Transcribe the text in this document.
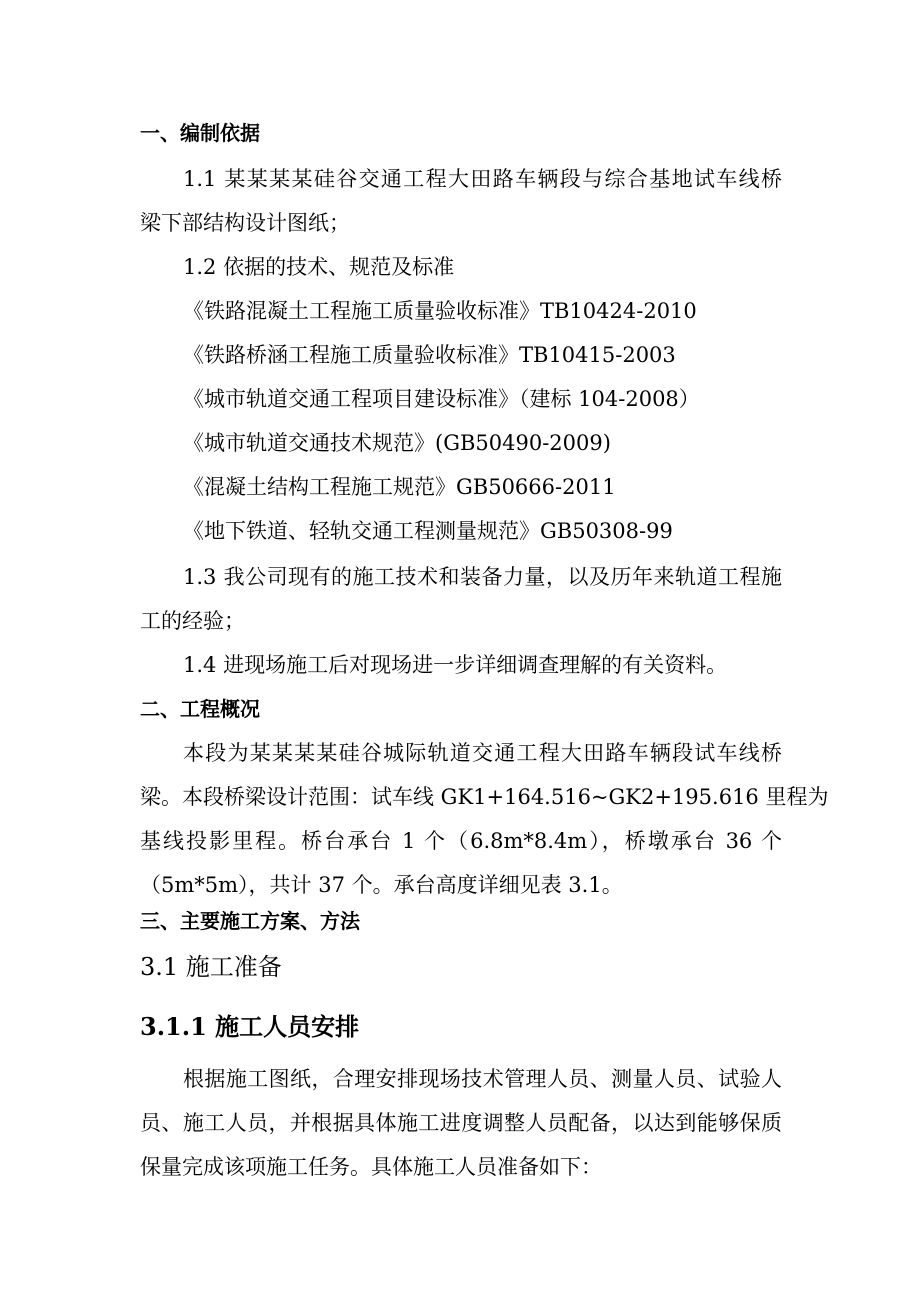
一、编制依据
1.1 某某某某硅谷交通工程大田路车辆段与综合基地试车线桥
梁下部结构设计图纸；
1.2 依据的技术、规范及标准
《铁路混凝土工程施工质量验收标准》TB10424-2010
《铁路桥涵工程施工质量验收标准》TB10415-2003
《城市轨道交通工程项目建设标准》（建标 104-2008）
《城市轨道交通技术规范》(GB50490-2009)
《混凝土结构工程施工规范》GB50666-2011
《地下铁道、轻轨交通工程测量规范》GB50308-99
1.3 我公司现有的施工技术和装备力量，以及历年来轨道工程施
工的经验；
1.4 进现场施工后对现场进一步详细调查理解的有关资料。
二、工程概况
本段为某某某某硅谷城际轨道交通工程大田路车辆段试车线桥
梁。本段桥梁设计范围：试车线 GK1+164.516~GK2+195.616 里程为
基线投影里程。桥台承台 1 个（6.8m*8.4m），桥墩承台 36 个
（5m*5m），共计 37 个。承台高度详细见表 3.1。
三、主要施工方案、方法
3.1 施工准备
3.1.1 施工人员安排
根据施工图纸，合理安排现场技术管理人员、测量人员、试验人
员、施工人员，并根据具体施工进度调整人员配备，以达到能够保质
保量完成该项施工任务。具体施工人员准备如下：
